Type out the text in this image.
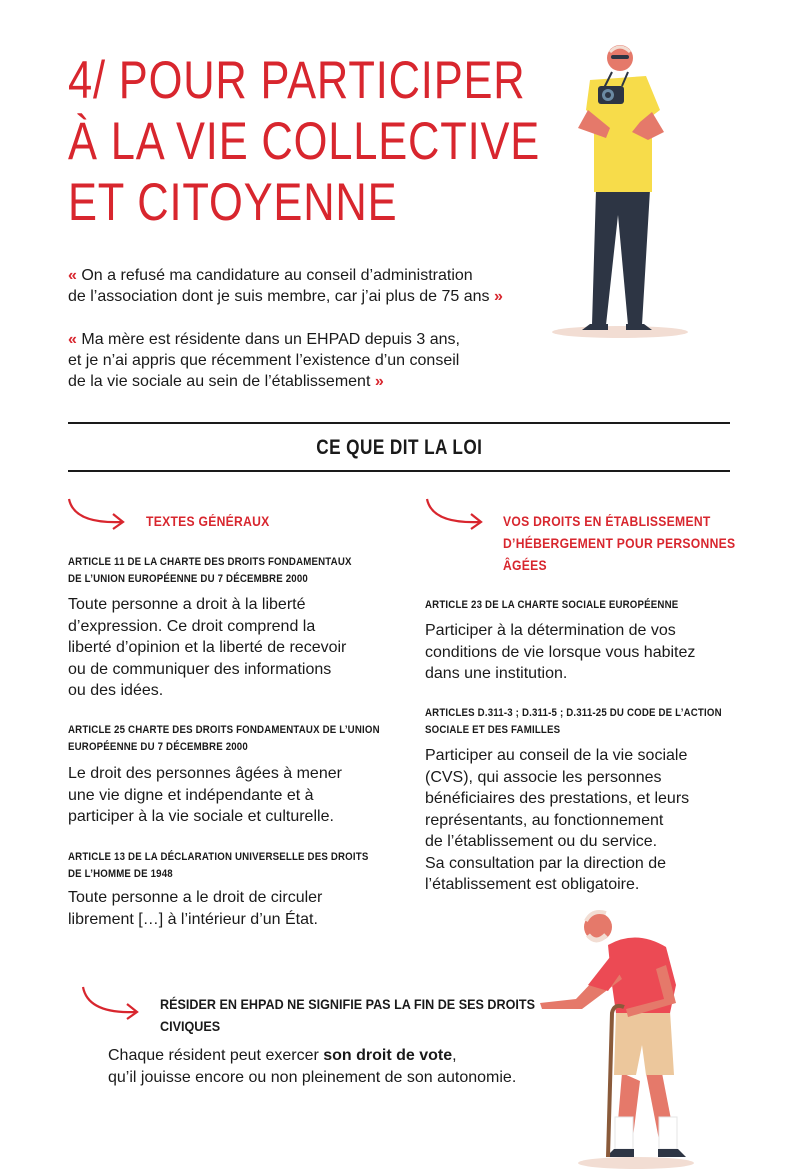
4/ POUR PARTICIPER
À LA VIE COLLECTIVE
ET CITOYENNE

« On a refusé ma candidature au conseil d’administration
de l’association dont je suis membre, car j’ai plus de 75 ans »

« Ma mère est résidente dans un EHPAD depuis 3 ans,
et je n’ai appris que récemment l’existence d’un conseil
de la vie sociale au sein de l’établissement »

CE QUE DIT LA LOI

TEXTES GÉNÉRAUX

ARTICLE 11 DE LA CHARTE DES DROITS FONDAMENTAUX
DE L’UNION EUROPÉENNE DU 7 DÉCEMBRE 2000

Toute personne a droit à la liberté
d’expression. Ce droit comprend la
liberté d’opinion et la liberté de recevoir
ou de communiquer des informations
ou des idées.

ARTICLE 25 CHARTE DES DROITS FONDAMENTAUX DE L’UNION
EUROPÉENNE DU 7 DÉCEMBRE 2000

Le droit des personnes âgées à mener
une vie digne et indépendante et à
participer à la vie sociale et culturelle.

ARTICLE 13 DE LA DÉCLARATION UNIVERSELLE DES DROITS
DE L’HOMME DE 1948

Toute personne a le droit de circuler
librement […] à l’intérieur d’un État.

VOS DROITS EN ÉTABLISSEMENT
D’HÉBERGEMENT POUR PERSONNES
ÂGÉES

ARTICLE 23 DE LA CHARTE SOCIALE EUROPÉENNE

Participer à la détermination de vos
conditions de vie lorsque vous habitez
dans une institution.

ARTICLES D.311-3 ; D.311-5 ; D.311-25 DU CODE DE L’ACTION
SOCIALE ET DES FAMILLES

Participer au conseil de la vie sociale
(CVS), qui associe les personnes
bénéficiaires des prestations, et leurs
représentants, au fonctionnement
de l’établissement ou du service.
Sa consultation par la direction de
l’établissement est obligatoire.

RÉSIDER EN EHPAD NE SIGNIFIE PAS LA FIN DE SES DROITS
CIVIQUES

Chaque résident peut exercer son droit de vote,
qu’il jouisse encore ou non pleinement de son autonomie.
